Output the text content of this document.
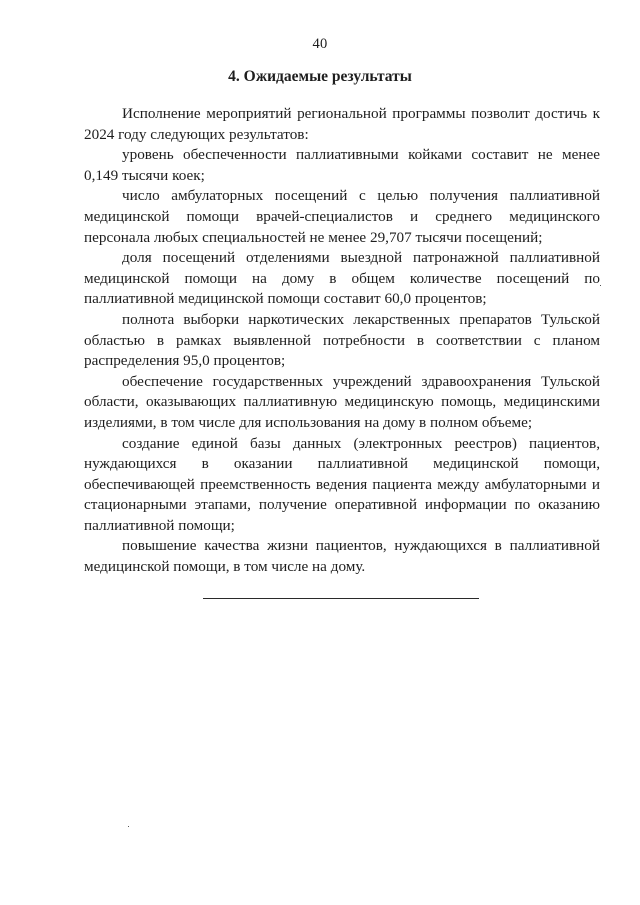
40
4. Ожидаемые результаты

Исполнение мероприятий региональной программы позволит достичь к 2024 году следующих результатов:

уровень обеспеченности паллиативными койками составит не менее 0,149 тысячи коек;

число амбулаторных посещений с целью получения паллиативной медицинской помощи врачей-специалистов и среднего медицинского персонала любых специальностей не менее 29,707 тысячи посещений;

доля посещений отделениями выездной патронажной паллиативной медицинской помощи на дому в общем количестве посещений по паллиативной медицинской помощи составит 60,0 процентов;

полнота выборки наркотических лекарственных препаратов Тульской областью в рамках выявленной потребности в соответствии с планом распределения 95,0 процентов;

обеспечение государственных учреждений здравоохранения Тульской области, оказывающих паллиативную медицинскую помощь, медицинскими изделиями, в том числе для использования на дому в полном объеме;

создание единой базы данных (электронных реестров) пациентов, нуждающихся в оказании паллиативной медицинской помощи, обеспечивающей преемственность ведения пациента между амбулаторными и стационарными этапами, получение оперативной информации по оказанию паллиативной помощи;

повышение качества жизни пациентов, нуждающихся в паллиативной медицинской помощи, в том числе на дому.
